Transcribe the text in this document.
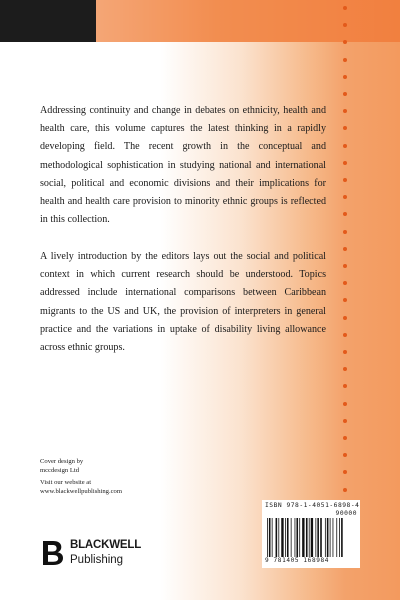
Addressing continuity and change in debates on ethnicity, health and health care, this volume captures the latest thinking in a rapidly developing field. The recent growth in the conceptual and methodological sophistication in studying national and international social, political and economic divisions and their implications for health and health care provision to minority ethnic groups is reflected in this collection.
A lively introduction by the editors lays out the social and political context in which current research should be understood. Topics addressed include international comparisons between Caribbean migrants to the US and UK, the provision of interpreters in general practice and the variations in uptake of disability living allowance across ethnic groups.
Cover design by
mccdesign Ltd
Visit our website at
www.blackwellpublishing.com
ISBN 978-1-4051-6898-4
90000
9 781405 168984
BLACKWELL
Publishing
